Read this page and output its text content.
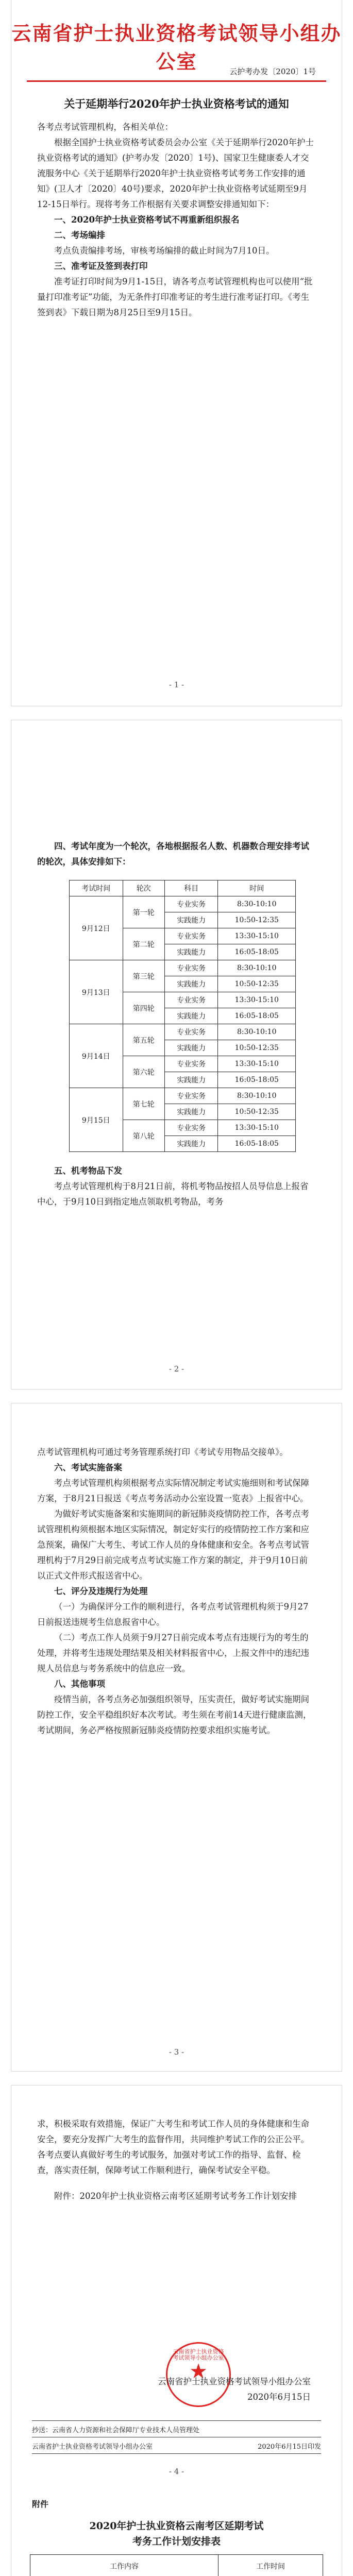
云南省护士执业资格考试领导小组办公室	云护考办发〔2020〕1号
关于延期举行2020年护士执业资格考试的通知

各考点考试管理机构，各相关单位：

根据全国护士执业资格考试委员会办公室《关于延期举行2020年护士执业资格考试的通知》(护考办发〔2020〕1号)、国家卫生健康委人才交流服务中心《关于延期举行2020年护士执业资格考试考务工作安排的通知》(卫人才〔2020〕40号)要求，2020年护士执业资格考试延期至9月12-15日举行。现将考务工作根据有关要求调整安排通知如下：

一、2020年护士执业资格考试不再重新组织报名

二、考场编排

考点负责编排考场，审核考场编排的截止时间为7月10日。

三、准考证及签到表打印

准考证打印时间为9月1-15日，请各考点考试管理机构也可以使用“批量打印准考证”功能，为无条件打印准考证的考生进行准考证打印。《考生签到表》下载日期为8月25日至9月15日。

- 1 -

四、考试年度为一个轮次，各地根据报名人数、机器数合理安排考试的轮次，具体安排如下：

考试时间	轮次	科目	时间
9月12日	第一轮	专业实务	8:30-10:10
		实践能力	10:50-12:35
	第二轮	专业实务	13:30-15:10
		实践能力	16:05-18:05
9月13日	第三轮	专业实务	8:30-10:10
		实践能力	10:50-12:35
	第四轮	专业实务	13:30-15:10
		实践能力	16:05-18:05
9月14日	第五轮	专业实务	8:30-10:10
		实践能力	10:50-12:35
	第六轮	专业实务	13:30-15:10
		实践能力	16:05-18:05
9月15日	第七轮	专业实务	8:30-10:10
		实践能力	10:50-12:35
	第八轮	专业实务	13:30-15:10
		实践能力	16:05-18:05

五、机考物品下发

考点考试管理机构于8月21日前，将机考物品按招人员导信息上报省中心，于9月10日到指定地点领取机考物品，考务

- 2 -

点考试管理机构可通过考务管理系统打印《考试专用物品交接单》。

六、考试实施备案

考点考试管理机构须根据考点实际情况制定考试实施细则和考试保障方案，于8月21日报送《考点考务活动办公室设置一览表》上报省中心。

为做好考试实施备案和实施期间的新冠肺炎疫情防控工作，各考点考试管理机构须根据本地区实际情况，制定好实行的疫情防控工作方案和应急预案，确保广大考生、考试工作人员的身体健康和安全。各考点考试管理机构于7月29日前完成考点考试实施工作方案的制定，并于9月10日前以正式文件形式报送省中心。

七、评分及违规行为处理

（一）为确保评分工作的顺利进行，各考点考试管理机构须于9月27日前报送违规考生信息报省中心。

（二）考点工作人员须于9月27日前完成本考点有违规行为的考生的处理，并将考生违规处理结果及相关材料报省中心，上报文件中的违纪违规人员信息与考务系统中的信息应一致。

八、其他事项

疫情当前，各考点务必加强组织领导，压实责任，做好考试实施期间防控工作，安全平稳组织好本次考试。考生须在考前14天进行健康监测，考试期间，务必严格按照新冠肺炎疫情防控要求组织实施考试。

- 3 -

求，积极采取有效措施，保证广大考生和考试工作人员的身体健康和生命安全，要充分发挥广大考生的监督作用，共同维护考试工作的公正公平。各考点要认真做好考生的考试服务，加强对考试工作的指导、监督、检查，落实责任制，保障考试工作顺利进行，确保考试安全平稳。

附件：2020年护士执业资格云南考区延期考试考务工作计划安排

云南省护士执业资格考试领导小组办公室
★
云南省护士执业资格考试领导小组办公室
2020年6月15日
抄送：云南省人力资源和社会保障厅专业技术人员管理处
云南省护士执业资格考试领导小组办公室	2020年6月15日印发
- 4 -
附件
2020年护士执业资格云南考区延期考试
考务工作计划安排表
工作内容	工作时间
